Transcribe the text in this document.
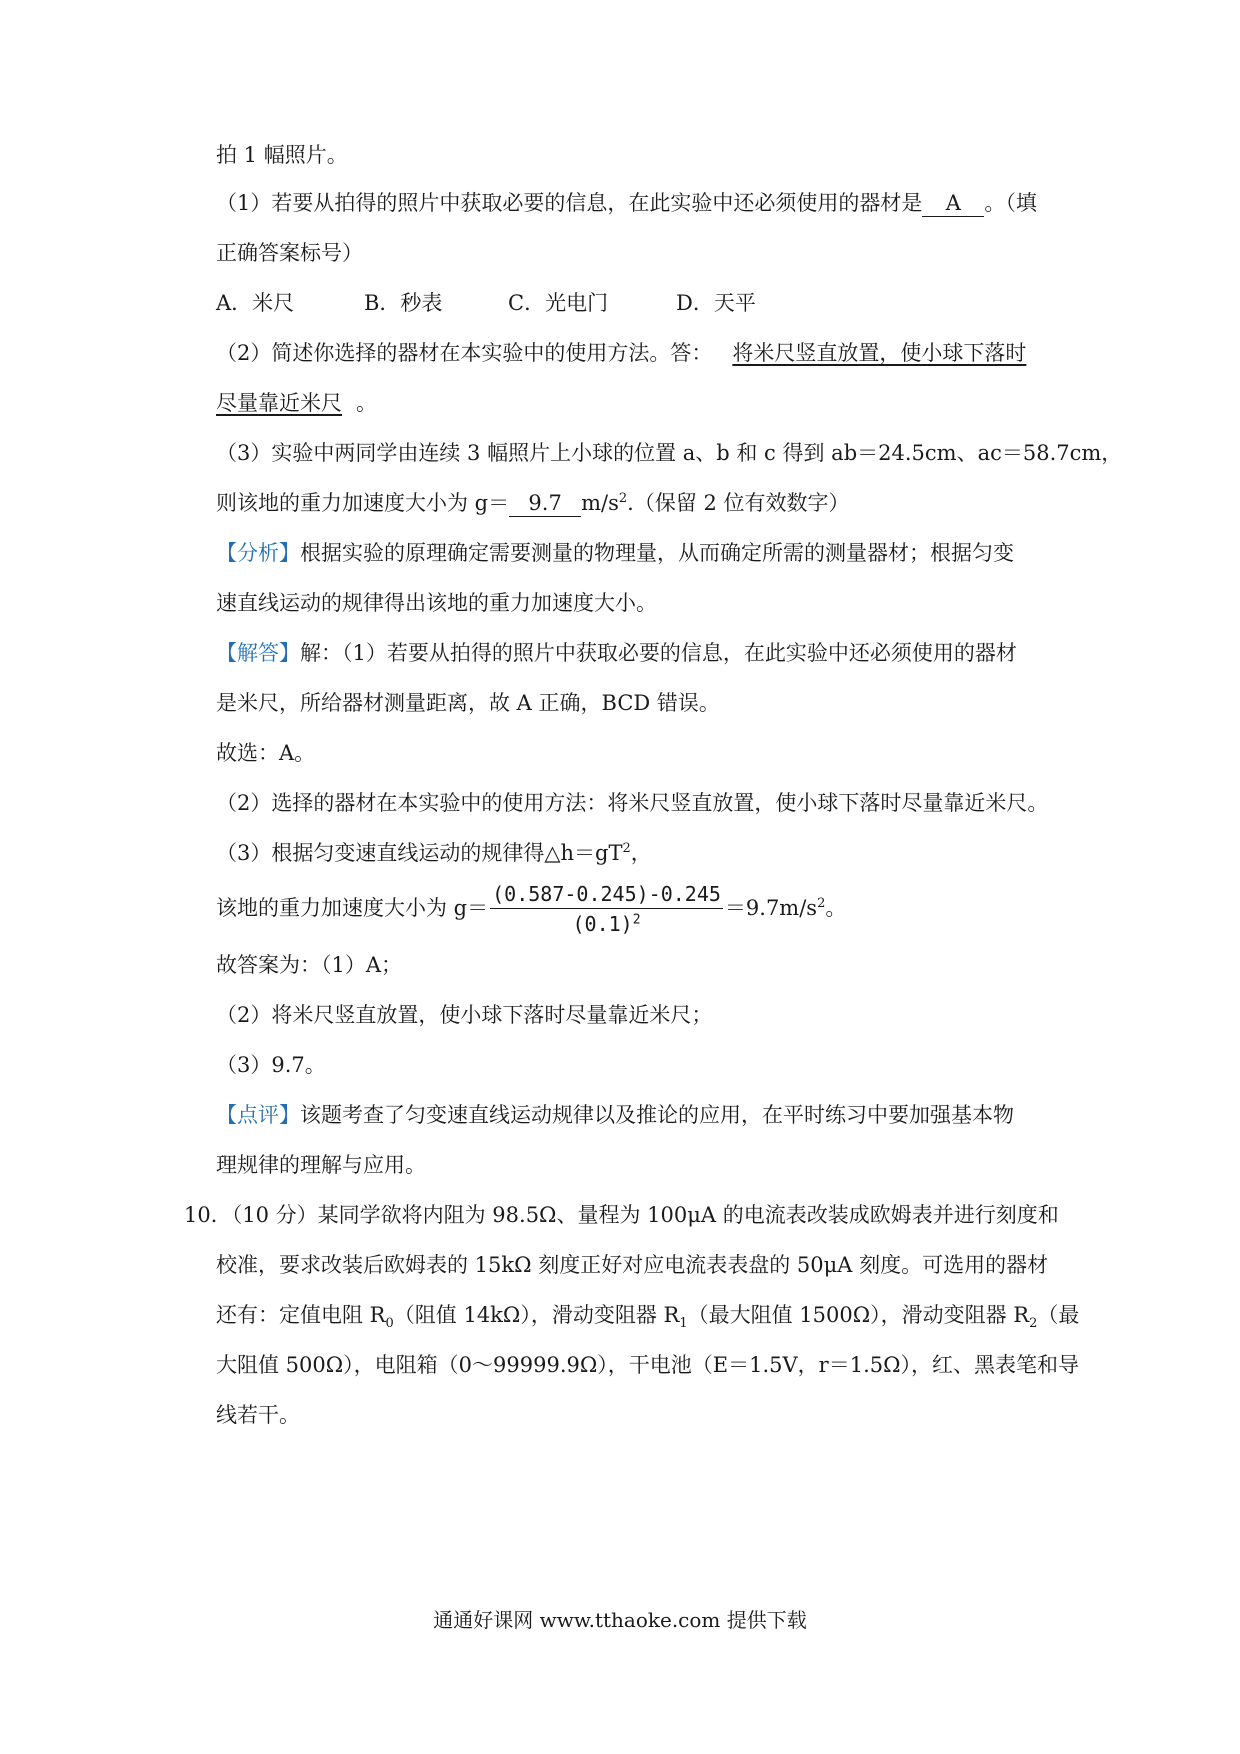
拍 1 幅照片。
（1）若要从拍得的照片中获取必要的信息，在此实验中还必须使用的器材是 A 。（填
正确答案标号）
A．米尺	B．秒表	C．光电门	D．天平
（2）简述你选择的器材在本实验中的使用方法。答： 将米尺竖直放置，使小球下落时
尽量靠近米尺 。
（3）实验中两同学由连续 3 幅照片上小球的位置 a、b 和 c 得到 ab＝24.5cm、ac＝58.7cm，
则该地的重力加速度大小为 g＝ 9.7 $m/s^2$.（保留 2 位有效数字）
【分析】根据实验的原理确定需要测量的物理量，从而确定所需的测量器材；根据匀变
速直线运动的规律得出该地的重力加速度大小。
【解答】解：（1）若要从拍得的照片中获取必要的信息，在此实验中还必须使用的器材
是米尺，所给器材测量距离，故 A 正确，BCD 错误。
故选：A。
（2）选择的器材在本实验中的使用方法：将米尺竖直放置，使小球下落时尽量靠近米尺。
（3）根据匀变速直线运动的规律得$\triangle h=gT^2$，
该地的重力加速度大小为 $g= \frac{(0.587-0.245)-0.245}{(0.1)^2} =9.7m/s^2$。
故答案为：（1）A；
（2）将米尺竖直放置，使小球下落时尽量靠近米尺；
（3）9.7。
【点评】该题考查了匀变速直线运动规律以及推论的应用，在平时练习中要加强基本物
理规律的理解与应用。
10．（10 分）某同学欲将内阻为 98.5Ω、量程为 100μA 的电流表改装成欧姆表并进行刻度和
校准，要求改装后欧姆表的 15kΩ 刻度正好对应电流表表盘的 50μA 刻度。可选用的器材
还有：定值电阻 $R_0$（阻值 14kΩ），滑动变阻器 $R_1$（最大阻值 1500Ω），滑动变阻器 $R_2$（最
大阻值 500Ω），电阻箱（0～99999.9Ω），干电池（E＝1.5V，r＝1.5Ω），红、黑表笔和导
线若干。
通通好课网 www.tthaoke.com 提供下载
